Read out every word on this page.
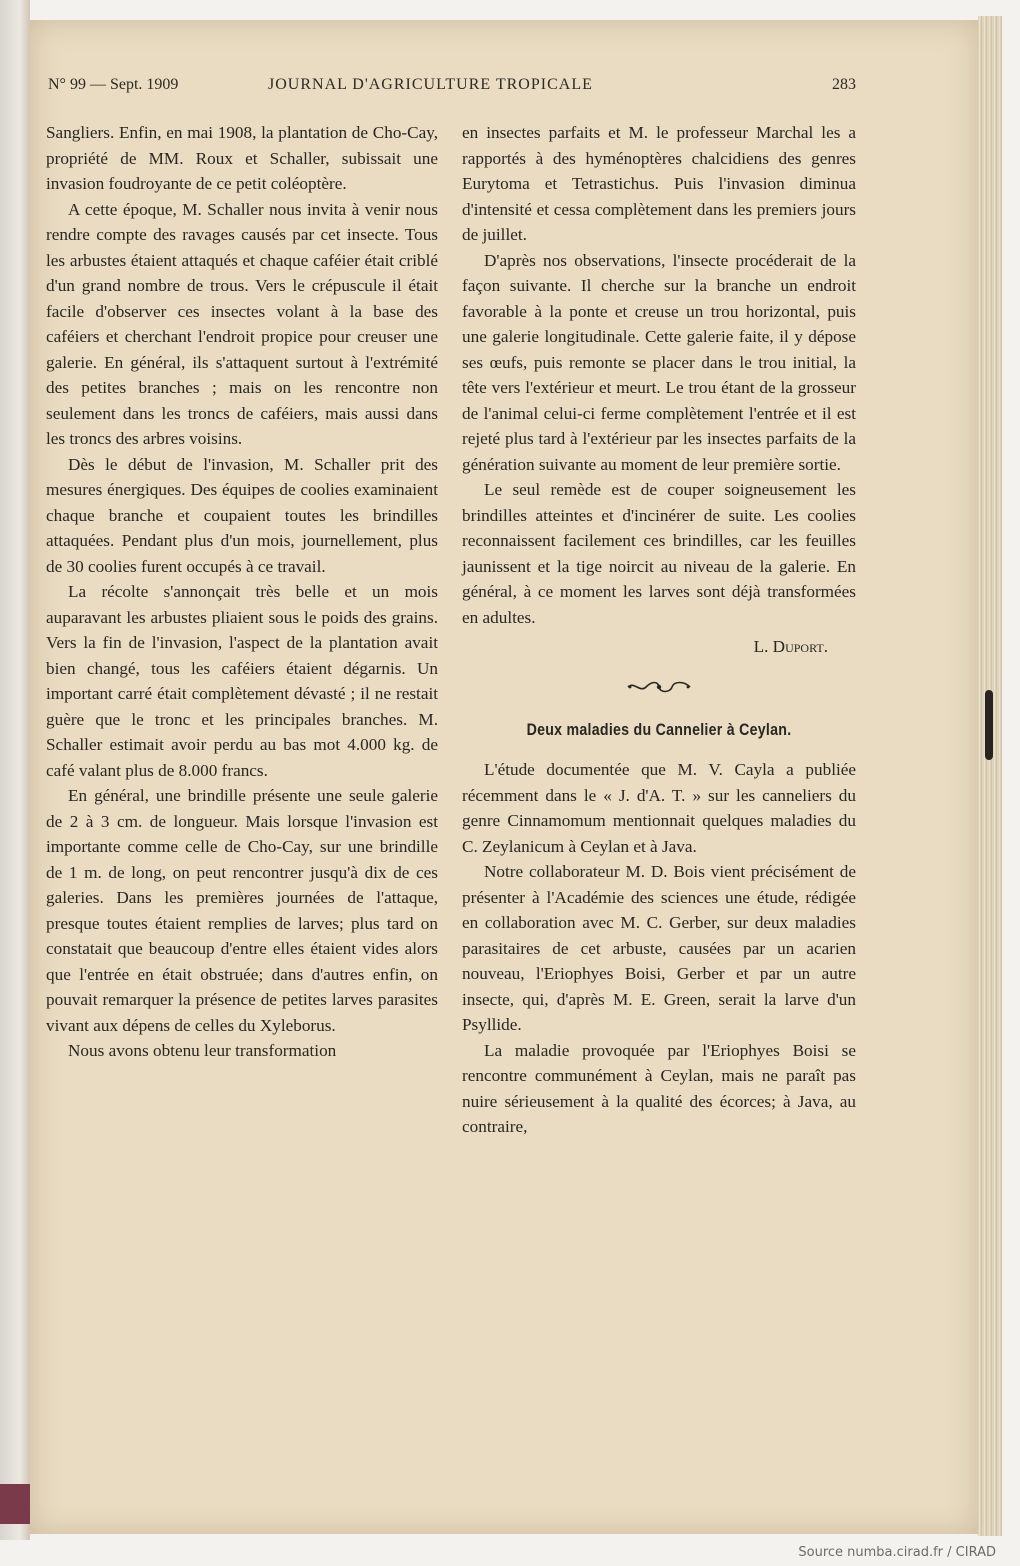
N° 99 — Sept. 1909	JOURNAL D'AGRICULTURE TROPICALE	283

Sangliers. Enfin, en mai 1908, la plantation de Cho-Cay, propriété de MM. Roux et Schaller, subissait une invasion foudroyante de ce petit coléoptère.

A cette époque, M. Schaller nous invita à venir nous rendre compte des ravages causés par cet insecte. Tous les arbustes étaient attaqués et chaque caféier était criblé d'un grand nombre de trous. Vers le crépuscule il était facile d'observer ces insectes volant à la base des caféiers et cherchant l'endroit propice pour creuser une galerie. En général, ils s'attaquent surtout à l'extrémité des petites branches ; mais on les rencontre non seulement dans les troncs de caféiers, mais aussi dans les troncs des arbres voisins.

Dès le début de l'invasion, M. Schaller prit des mesures énergiques. Des équipes de coolies examinaient chaque branche et coupaient toutes les brindilles attaquées. Pendant plus d'un mois, journellement, plus de 30 coolies furent occupés à ce travail.

La récolte s'annonçait très belle et un mois auparavant les arbustes pliaient sous le poids des grains. Vers la fin de l'invasion, l'aspect de la plantation avait bien changé, tous les caféiers étaient dégarnis. Un important carré était complètement dévasté ; il ne restait guère que le tronc et les principales branches. M. Schaller estimait avoir perdu au bas mot 4.000 kg. de café valant plus de 8.000 francs.

En général, une brindille présente une seule galerie de 2 à 3 cm. de longueur. Mais lorsque l'invasion est importante comme celle de Cho-Cay, sur une brindille de 1 m. de long, on peut rencontrer jusqu'à dix de ces galeries. Dans les premières journées de l'attaque, presque toutes étaient remplies de larves; plus tard on constatait que beaucoup d'entre elles étaient vides alors que l'entrée en était obstruée; dans d'autres enfin, on pouvait remarquer la présence de petites larves parasites vivant aux dépens de celles du Xyleborus.

Nous avons obtenu leur transformation

en insectes parfaits et M. le professeur Marchal les a rapportés à des hyménoptères chalcidiens des genres Eurytoma et Tetrastichus. Puis l'invasion diminua d'intensité et cessa complètement dans les premiers jours de juillet.

D'après nos observations, l'insecte procéderait de la façon suivante. Il cherche sur la branche un endroit favorable à la ponte et creuse un trou horizontal, puis une galerie longitudinale. Cette galerie faite, il y dépose ses œufs, puis remonte se placer dans le trou initial, la tête vers l'extérieur et meurt. Le trou étant de la grosseur de l'animal celui-ci ferme complètement l'entrée et il est rejeté plus tard à l'extérieur par les insectes parfaits de la génération suivante au moment de leur première sortie.

Le seul remède est de couper soigneusement les brindilles atteintes et d'incinérer de suite. Les coolies reconnaissent facilement ces brindilles, car les feuilles jaunissent et la tige noircit au niveau de la galerie. En général, à ce moment les larves sont déjà transformées en adultes.

L. Duport.

Deux maladies du Cannelier à Ceylan.

L'étude documentée que M. V. Cayla a publiée récemment dans le « J. d'A. T. » sur les canneliers du genre Cinnamomum mentionnait quelques maladies du C. Zeylanicum à Ceylan et à Java.

Notre collaborateur M. D. Bois vient précisément de présenter à l'Académie des sciences une étude, rédigée en collaboration avec M. C. Gerber, sur deux maladies parasitaires de cet arbuste, causées par un acarien nouveau, l'Eriophyes Boisi, Gerber et par un autre insecte, qui, d'après M. E. Green, serait la larve d'un Psyllide.

La maladie provoquée par l'Eriophyes Boisi se rencontre communément à Ceylan, mais ne paraît pas nuire sérieusement à la qualité des écorces; à Java, au contraire,

Source numba.cirad.fr / CIRAD
